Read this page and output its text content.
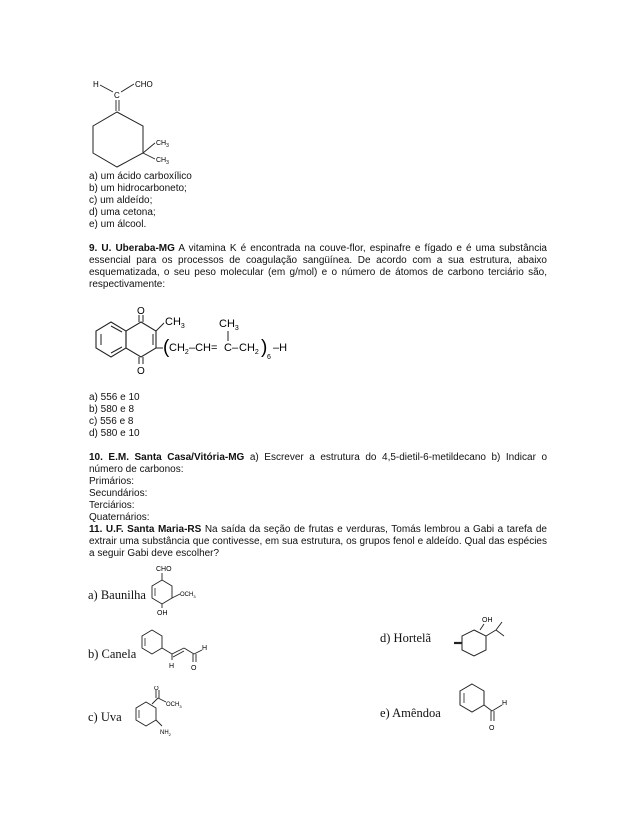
H	CHO
C
$CH_3$
$CH_3$
a) um ácido carboxílico
b) um hidrocarboneto;
c) um aldeído;
d) uma cetona;
e) um álcool.
9. U. Uberaba-MG A vitamina K é encontrada na couve-flor, espinafre e fígado e é uma substância essencial para os processos de coagulação sangüínea. De acordo com a sua estrutura, abaixo esquematizada, o seu peso molecular (em g/mol) e o número de átomos de carbono terciário são, respectivamente:
O
O
$CH_3$
( $CH_2$ –CH= C
$CH_3$
– $CH_2$ ) 6
–H
a) 556 e 10
b) 580 e 8
c) 556 e 8
d) 580 e 10
10. E.M. Santa Casa/Vitória-MG a) Escrever a estrutura do 4,5-dietil-6-metildecano b) Indicar o número de carbonos:
Primários:
Secundários:
Terciários:
Quaternários:
11. U.F. Santa Maria-RS Na saída da seção de frutas e verduras, Tomás lembrou a Gabi a tarefa de extrair uma substância que contivesse, em sua estrutura, os grupos fenol e aldeído. Qual das espécies a seguir Gabi deve escolher?
a) Baunilha
CHO
$OCH_3$
OH
b) Canela
H
H
O
d) Hortelã
OH
c) Uva
O
$OCH_3$
$NH_2$
e) Amêndoa
H
O
